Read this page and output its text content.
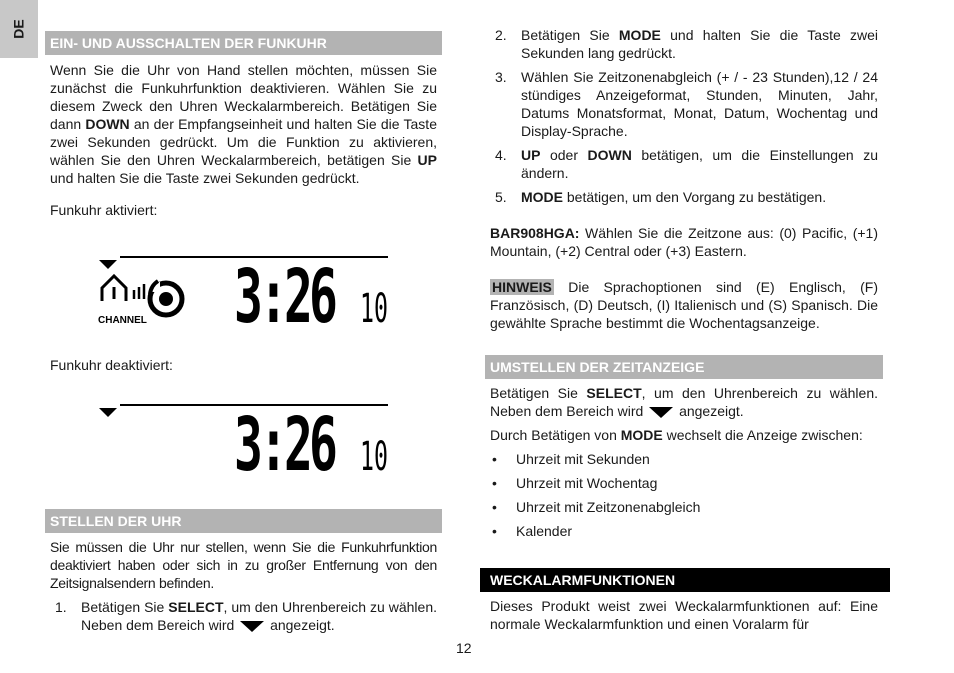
DE
EIN- UND AUSSCHALTEN DER FUNKUHR

Wenn Sie die Uhr von Hand stellen möchten, müssen Sie zunächst die Funkuhrfunktion deaktivieren. Wählen Sie zu diesem Zweck den Uhren Weckalarmbereich. Betätigen Sie dann DOWN an der Empfangseinheit und halten Sie die Taste zwei Sekunden gedrückt. Um die Funktion zu aktivieren, wählen Sie den Uhren Weckalarmbereich, betätigen Sie UP und halten Sie die Taste zwei Sekunden gedrückt.

Funkuhr aktiviert:

CHANNEL 3:26 10

Funkuhr deaktiviert:

3:26 10
STELLEN DER UHR

Sie müssen die Uhr nur stellen, wenn Sie die Funkuhrfunktion deaktiviert haben oder sich in zu großer Entfernung von den Zeitsignalsendern befinden.

1. Betätigen Sie SELECT, um den Uhrenbereich zu wählen. Neben dem Bereich wird  angezeigt.
2. Betätigen Sie MODE und halten Sie die Taste zwei Sekunden lang gedrückt.
3. Wählen Sie Zeitzonenabgleich (+ / - 23 Stunden),12 / 24 stündiges Anzeigeformat, Stunden, Minuten, Jahr, Datums Monatsformat, Monat, Datum, Wochentag und Display-Sprache.
4. UP oder DOWN betätigen, um die Einstellungen zu ändern.
5. MODE betätigen, um den Vorgang zu bestätigen.

BAR908HGA: Wählen Sie die Zeitzone aus: (0) Pacific, (+1) Mountain, (+2) Central oder (+3) Eastern.

HINWEIS Die Sprachoptionen sind (E) Englisch, (F) Französisch, (D) Deutsch, (I) Italienisch und (S) Spanisch. Die gewählte Sprache bestimmt die Wochentagsanzeige.

UMSTELLEN DER ZEITANZEIGE

Betätigen Sie SELECT, um den Uhrenbereich zu wählen. Neben dem Bereich wird  angezeigt.

Durch Betätigen von MODE wechselt die Anzeige zwischen:

• Uhrzeit mit Sekunden
• Uhrzeit mit Wochentag
• Uhrzeit mit Zeitzonenabgleich
• Kalender
WECKALARMFUNKTIONEN

Dieses Produkt weist zwei Weckalarmfunktionen auf: Eine normale Weckalarmfunktion und einen Voralarm für

12
